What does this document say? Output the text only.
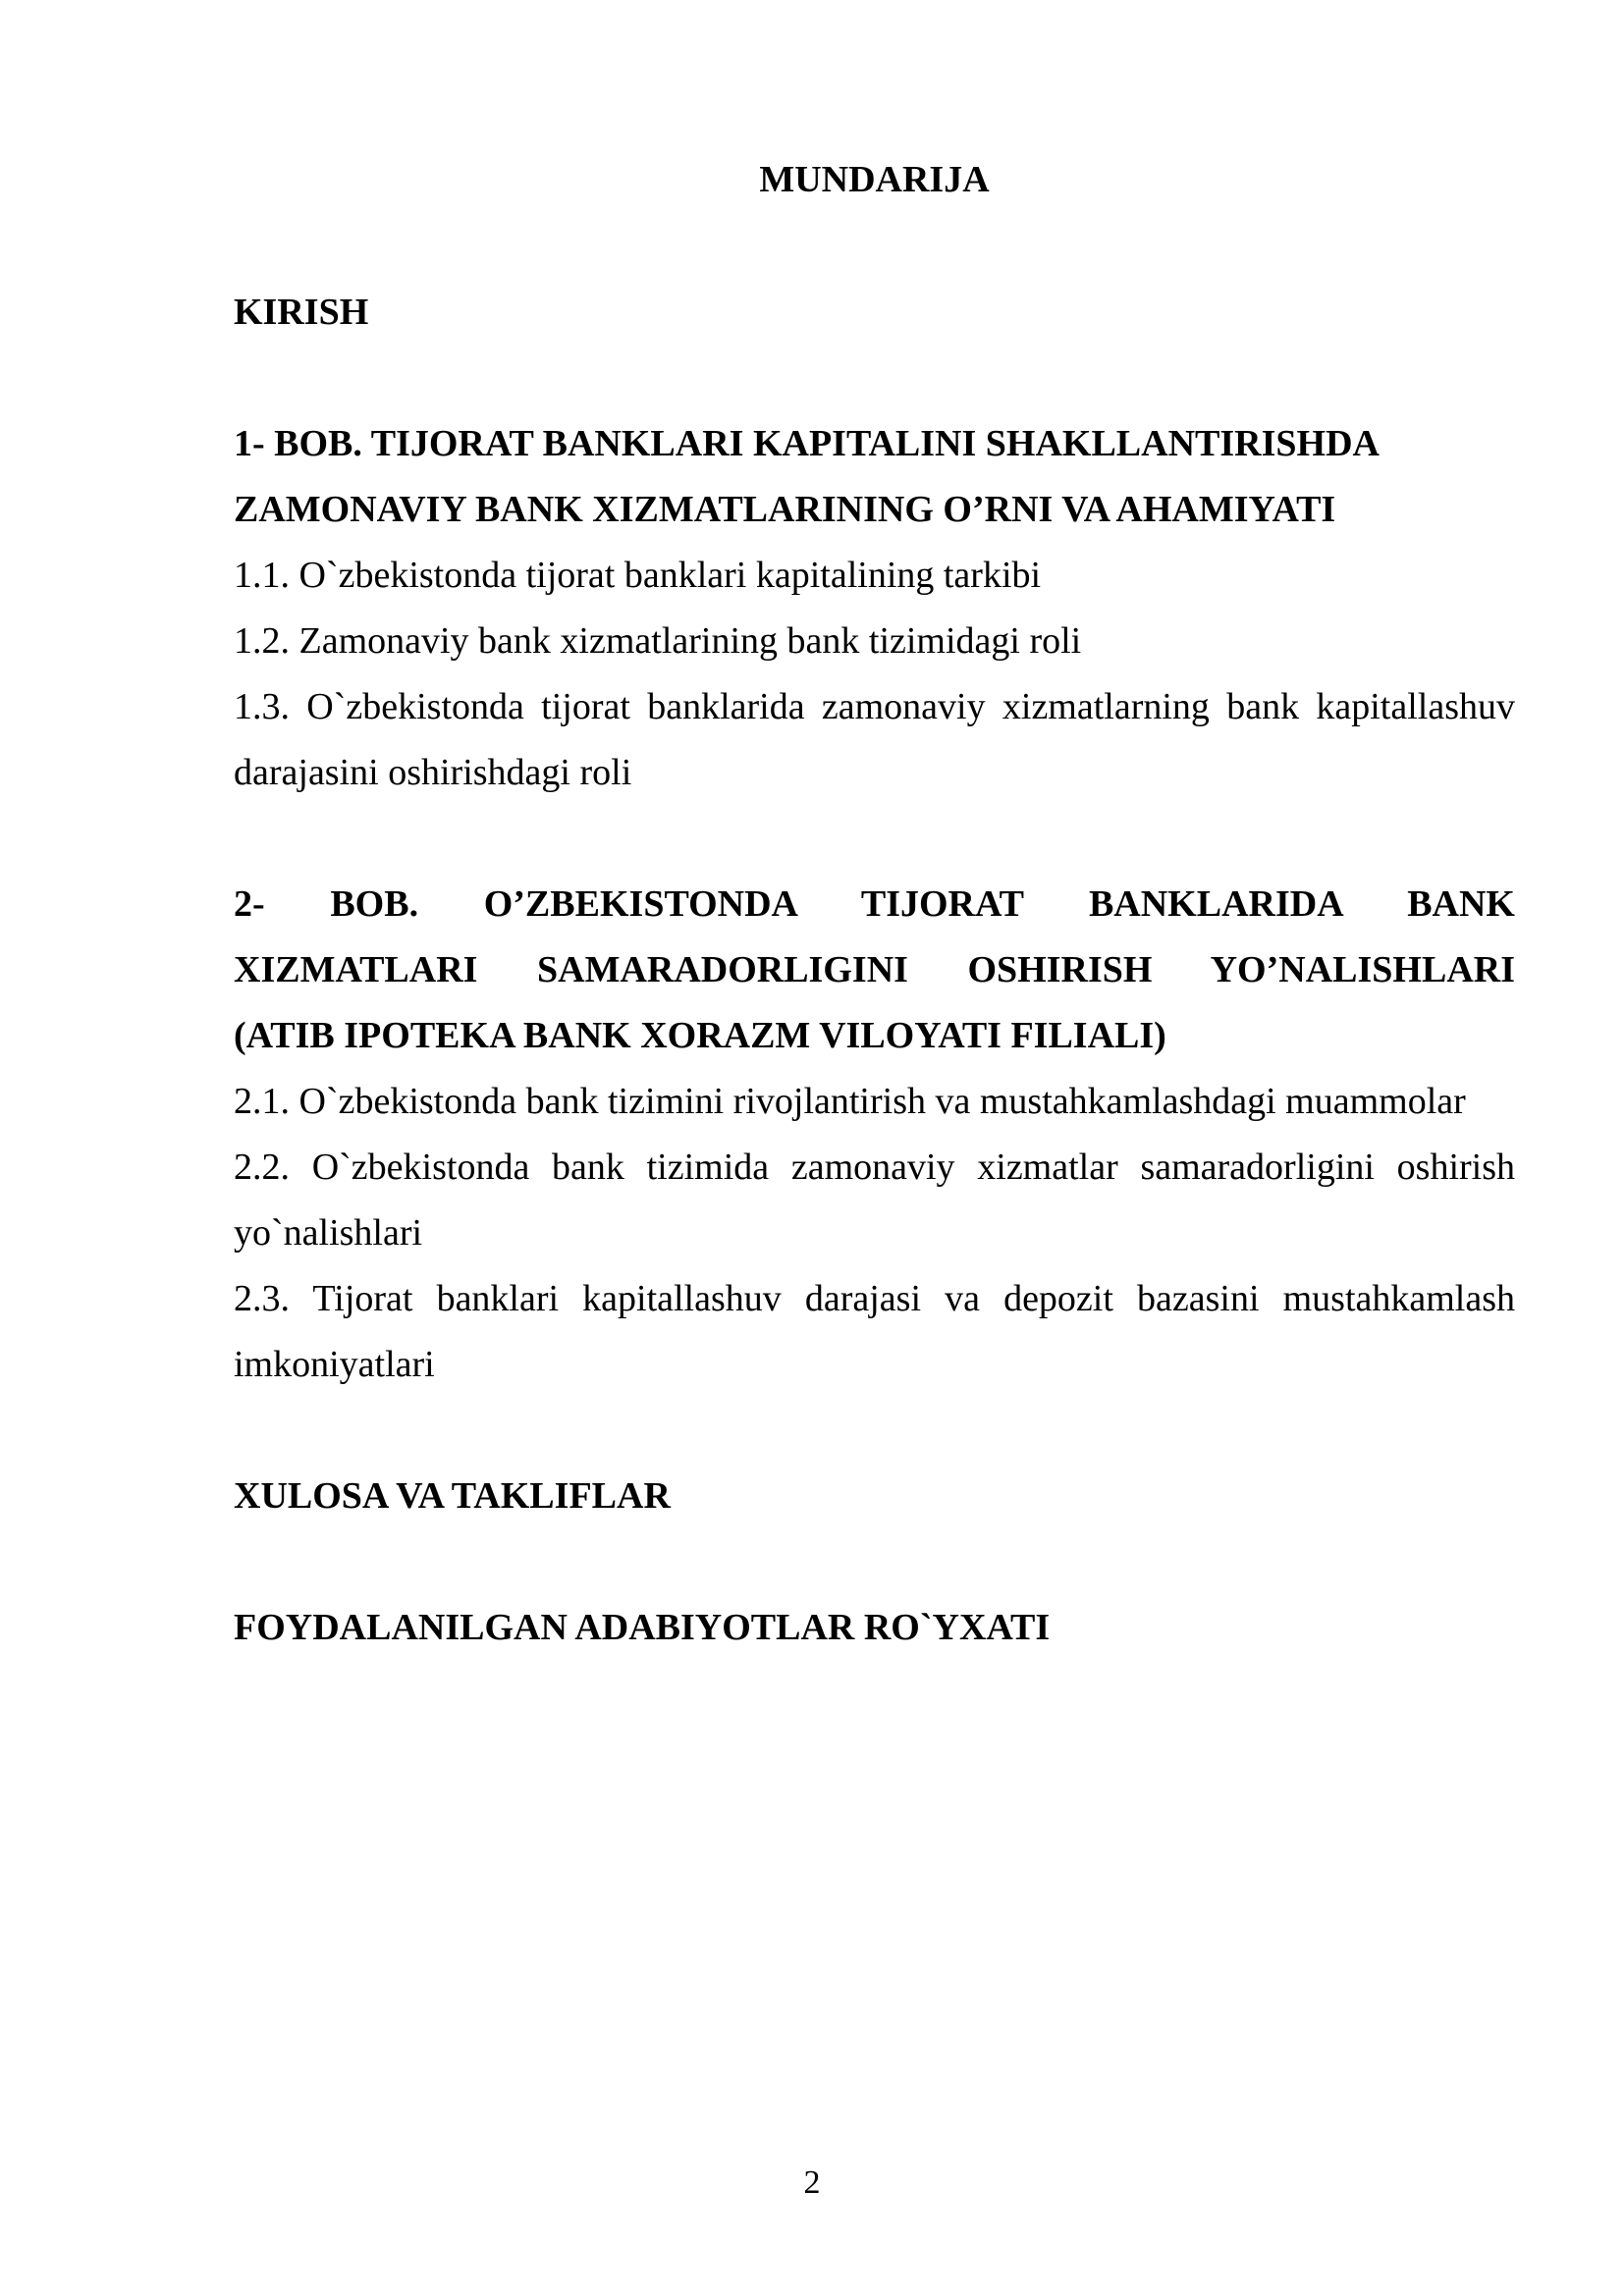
MUNDARIJA

KIRISH

1- BOB. TIJORAT BANKLARI KAPITALINI SHAKLLANTIRISHDA

ZAMONAVIY BANK XIZMATLARINING O’RNI VA AHAMIYATI

1.1. O`zbekistonda tijorat banklari kapitalining tarkibi

1.2. Zamonaviy bank xizmatlarining bank tizimidagi roli

1.3. O`zbekistonda tijorat banklarida zamonaviy xizmatlarning bank kapitallashuv darajasini oshirishdagi roli

2- BOB. O’ZBEKISTONDA TIJORAT BANKLARIDA BANK

XIZMATLARI SAMARADORLIGINI OSHIRISH YO’NALISHLARI

(ATIB IPOTEKA BANK XORAZM VILOYATI FILIALI)

2.1. O`zbekistonda bank tizimini rivojlantirish va mustahkamlashdagi muammolar

2.2. O`zbekistonda bank tizimida zamonaviy xizmatlar samaradorligini oshirish yo`nalishlari

2.3. Tijorat banklari kapitallashuv darajasi va depozit bazasini mustahkamlash imkoniyatlari

XULOSA VA TAKLIFLAR

FOYDALANILGAN ADABIYOTLAR RO`YXATI

2
